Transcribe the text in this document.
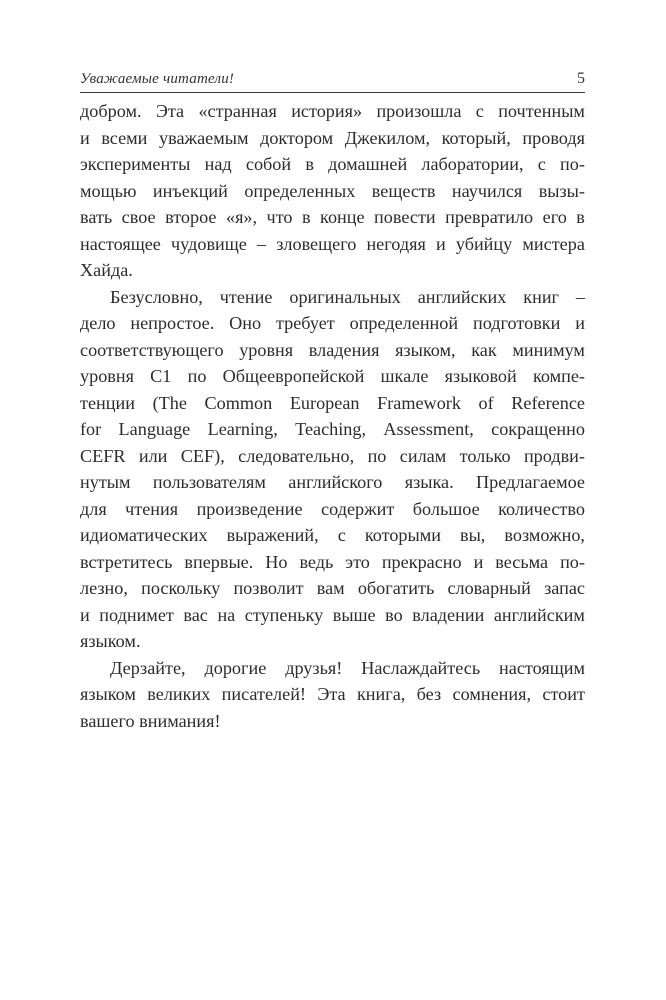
Уважаемые читатели!	5
добром. Эта «странная история» произошла с почтенным
и всеми уважаемым доктором Джекилом, который, проводя
эксперименты над собой в домашней лаборатории, с по-
мощью инъекций определенных веществ научился вызы-
вать свое второе «я», что в конце повести превратило его в
настоящее чудовище – зловещего негодяя и убийцу мистера
Хайда.
Безусловно, чтение оригинальных английских книг –
дело непростое. Оно требует определенной подготовки и
соответствующего уровня владения языком, как минимум
уровня С1 по Общеевропейской шкале языковой компе-
тенции (The Common European Framework of Reference
for Language Learning, Teaching, Assessment, сокращенно
CEFR или CEF), следовательно, по силам только продви-
нутым пользователям английского языка. Предлагаемое
для чтения произведение содержит большое количество
идиоматических выражений, с которыми вы, возможно,
встретитесь впервые. Но ведь это прекрасно и весьма по-
лезно, поскольку позволит вам обогатить словарный запас
и поднимет вас на ступеньку выше во владении английским
языком.
Дерзайте, дорогие друзья! Наслаждайтесь настоящим
языком великих писателей! Эта книга, без сомнения, стоит
вашего внимания!
